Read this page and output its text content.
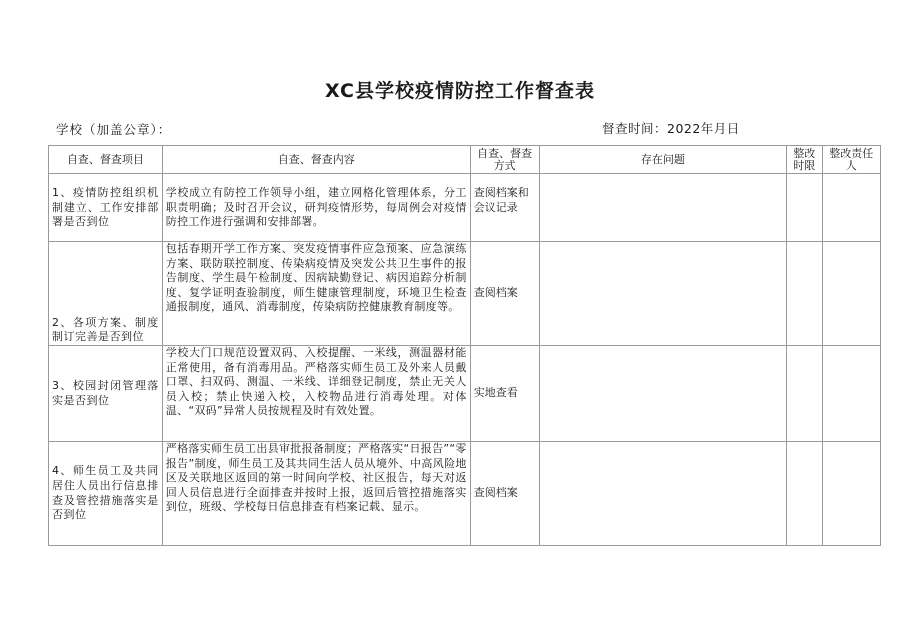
XC县学校疫情防控工作督查表
学校（加盖公章）：	督查时间：2022年月日
自查、督查项目	自查、督查内容	自查、督查方式	存在问题	整改时限	整改责任人
1、疫情防控组织机制建立、工作安排部署是否到位	学校成立有防控工作领导小组，建立网格化管理体系，分工职责明确；及时召开会议，研判疫情形势，每周例会对疫情防控工作进行强调和安排部署。	查阅档案和会议记录			
2、各项方案、制度制订完善是否到位	包括春期开学工作方案、突发疫情事件应急预案、应急演练方案、联防联控制度、传染病疫情及突发公共卫生事件的报告制度、学生晨午检制度、因病缺勤登记、病因追踪分析制度、复学证明查验制度，师生健康管理制度，环境卫生检查通报制度，通风、消毒制度，传染病防控健康教育制度等。	查阅档案			
3、校园封闭管理落实是否到位	学校大门口规范设置双码、入校提醒、一米线，测温器材能正常使用，备有消毒用品。严格落实师生员工及外来人员戴口罩、扫双码、测温、一米线、详细登记制度，禁止无关人员入校；禁止快递入校，入校物品进行消毒处理。对体温、“双码”异常人员按规程及时有效处置。	实地查看			
4、师生员工及共同居住人员出行信息排查及管控措施落实是否到位	严格落实师生员工出县审批报备制度；严格落实“日报告”“零报告”制度，师生员工及其共同生活人员从境外、中高风险地区及关联地区返回的第一时间向学校、社区报告，每天对返回人员信息进行全面排查并按时上报，返回后管控措施落实到位，班级、学校每日信息排查有档案记载、显示。	查阅档案			
